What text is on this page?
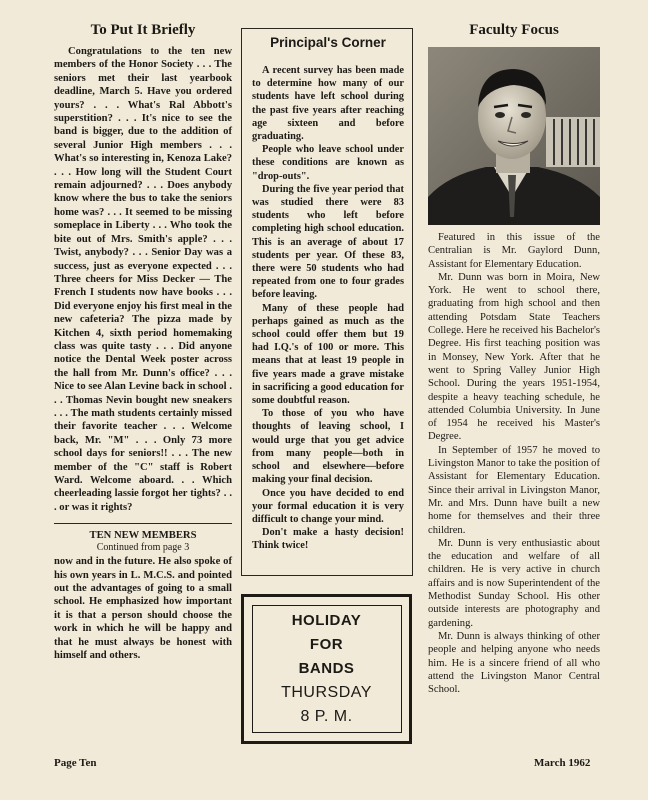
To Put It Briefly

Congratulations to the ten new members of the Honor Society . . . The seniors met their last yearbook deadline, March 5. Have you ordered yours? . . . What's Ral Abbott's superstition? . . . It's nice to see the band is bigger, due to the addition of several Junior High members . . . What's so interesting in, Kenoza Lake? . . . How long will the Student Court remain adjourned? . . . Does anybody know where the bus to take the seniors home was? . . . It seemed to be missing someplace in Liberty . . . Who took the bite out of Mrs. Smith's apple? . . . Twist, anybody? . . . Senior Day was a success, just as everyone expected . . . Three cheers for Miss Decker — The French I students now have books . . . Did everyone enjoy his first meal in the new cafeteria? The pizza made by Kitchen 4, sixth period homemaking class was quite tasty . . . Did anyone notice the Dental Week poster across the hall from Mr. Dunn's office? . . . Nice to see Alan Levine back in school . . . Thomas Nevin bought new sneakers . . . The math students certainly missed their favorite teacher . . . Welcome back, Mr. "M" . . . Only 73 more school days for seniors!! . . . The new member of the "C" staff is Robert Ward. Welcome aboard. . . Which cheerleading lassie forgot her tights? . . . or was it rights?

TEN NEW MEMBERS
Continued from page 3

now and in the future. He also spoke of his own years in L. M.C.S. and pointed out the advantages of going to a small school. He emphasized how important it is that a person should choose the work in which he will be happy and that he must always be honest with himself and others.

Principal's Corner

A recent survey has been made to determine how many of our students have left school during the past five years after reaching age sixteen and before graduating.

People who leave school under these conditions are known as "drop-outs".

During the five year period that was studied there were 83 students who left before completing high school education. This is an average of about 17 students per year. Of these 83, there were 50 students who had repeated from one to four grades before leaving.

Many of these people had perhaps gained as much as the school could offer them but 19 had I.Q.'s of 100 or more. This means that at least 19 people in five years made a grave mistake in sacrificing a good education for some doubtful reason.

To those of you who have thoughts of leaving school, I would urge that you get advice from many people—both in school and elsewhere—before making your final decision.

Once you have decided to end your formal education it is very difficult to change your mind.

Don't make a hasty decision! Think twice!

HOLIDAY
FOR
BANDS
THURSDAY
8 P. M.
Faculty Focus

Featured in this issue of the Centralian is Mr. Gaylord Dunn, Assistant for Elementary Education.

Mr. Dunn was born in Moira, New York. He went to school there, graduating from high school and then attending Potsdam State Teachers College. Here he received his Bachelor's Degree. His first teaching position was in Monsey, New York. After that he went to Spring Valley Junior High School. During the years 1951-1954, despite a heavy teaching schedule, he attended Columbia University. In June of 1954 he received his Master's Degree.

In September of 1957 he moved to Livingston Manor to take the position of Assistant for Elementary Education. Since their arrival in Livingston Manor, Mr. and Mrs. Dunn have built a new home for themselves and their three children.

Mr. Dunn is very enthusiastic about the education and welfare of all children. He is very active in church affairs and is now Superintendent of the Methodist Sunday School. His other outside interests are photography and gardening.

Mr. Dunn is always thinking of other people and helping anyone who needs him. He is a sincere friend of all who attend the Livingston Manor Central School.

Page Ten	March 1962
